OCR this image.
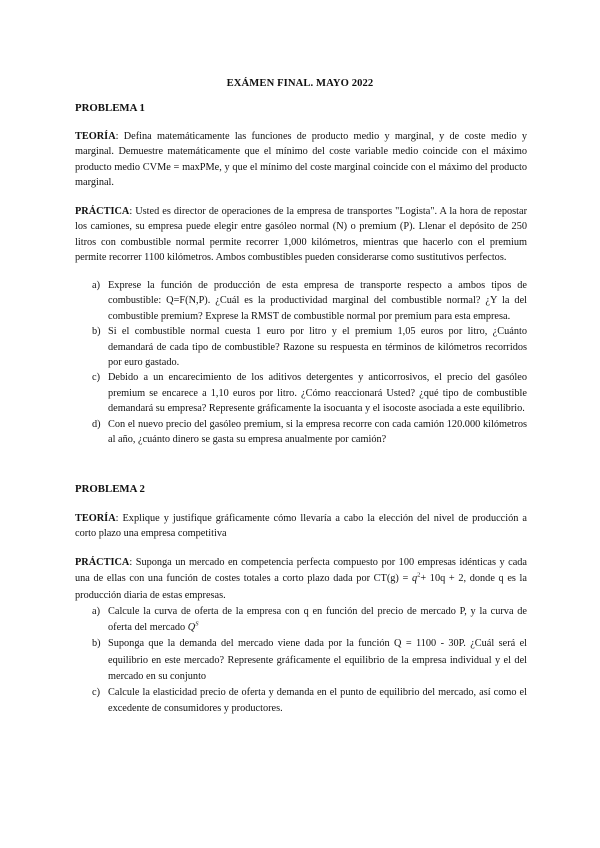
EXÁMEN FINAL. MAYO 2022
PROBLEMA 1
TEORÍA: Defina matemáticamente las funciones de producto medio y marginal, y de coste medio y marginal. Demuestre matemáticamente que el mínimo del coste variable medio coincide con el máximo producto medio CVMe = maxPMe, y que el mínimo del coste marginal coincide con el máximo del producto marginal.
PRÁCTICA: Usted es director de operaciones de la empresa de transportes "Logista". A la hora de repostar los camiones, su empresa puede elegir entre gasóleo normal (N) o premium (P). Llenar el depósito de 250 litros con combustible normal permite recorrer 1,000 kilómetros, mientras que hacerlo con el premium permite recorrer 1100 kilómetros. Ambos combustibles pueden considerarse como sustitutivos perfectos.
a) Exprese la función de producción de esta empresa de transporte respecto a ambos tipos de combustible: Q=F(N,P). ¿Cuál es la productividad marginal del combustible normal? ¿Y la del combustible premium? Exprese la RMST de combustible normal por premium para esta empresa.
b) Si el combustible normal cuesta 1 euro por litro y el premium 1,05 euros por litro, ¿Cuánto demandará de cada tipo de combustible? Razone su respuesta en términos de kilómetros recorridos por euro gastado.
c) Debido a un encarecimiento de los aditivos detergentes y anticorrosivos, el precio del gasóleo premium se encarece a 1,10 euros por litro. ¿Cómo reaccionará Usted? ¿qué tipo de combustible demandará su empresa? Represente gráficamente la isocuanta y el isocoste asociada a este equilibrio.
d) Con el nuevo precio del gasóleo premium, si la empresa recorre con cada camión 120.000 kilómetros al año, ¿cuánto dinero se gasta su empresa anualmente por camión?
PROBLEMA 2
TEORÍA: Explique y justifique gráficamente cómo llevaría a cabo la elección del nivel de producción a corto plazo una empresa competitiva
PRÁCTICA: Suponga un mercado en competencia perfecta compuesto por 100 empresas idénticas y cada una de ellas con una función de costes totales a corto plazo dada por $CT(g) = q^2+ 10q + 2$, donde q es la producción diaria de estas empresas.
a) Calcule la curva de oferta de la empresa con q en función del precio de mercado P, y la curva de oferta del mercado $Q^S$
b) Suponga que la demanda del mercado viene dada por la función Q = 1100 - 30P. ¿Cuál será el equilibrio en este mercado? Represente gráficamente el equilibrio de la empresa individual y el del mercado en su conjunto
c) Calcule la elasticidad precio de oferta y demanda en el punto de equilibrio del mercado, así como el excedente de consumidores y productores.
